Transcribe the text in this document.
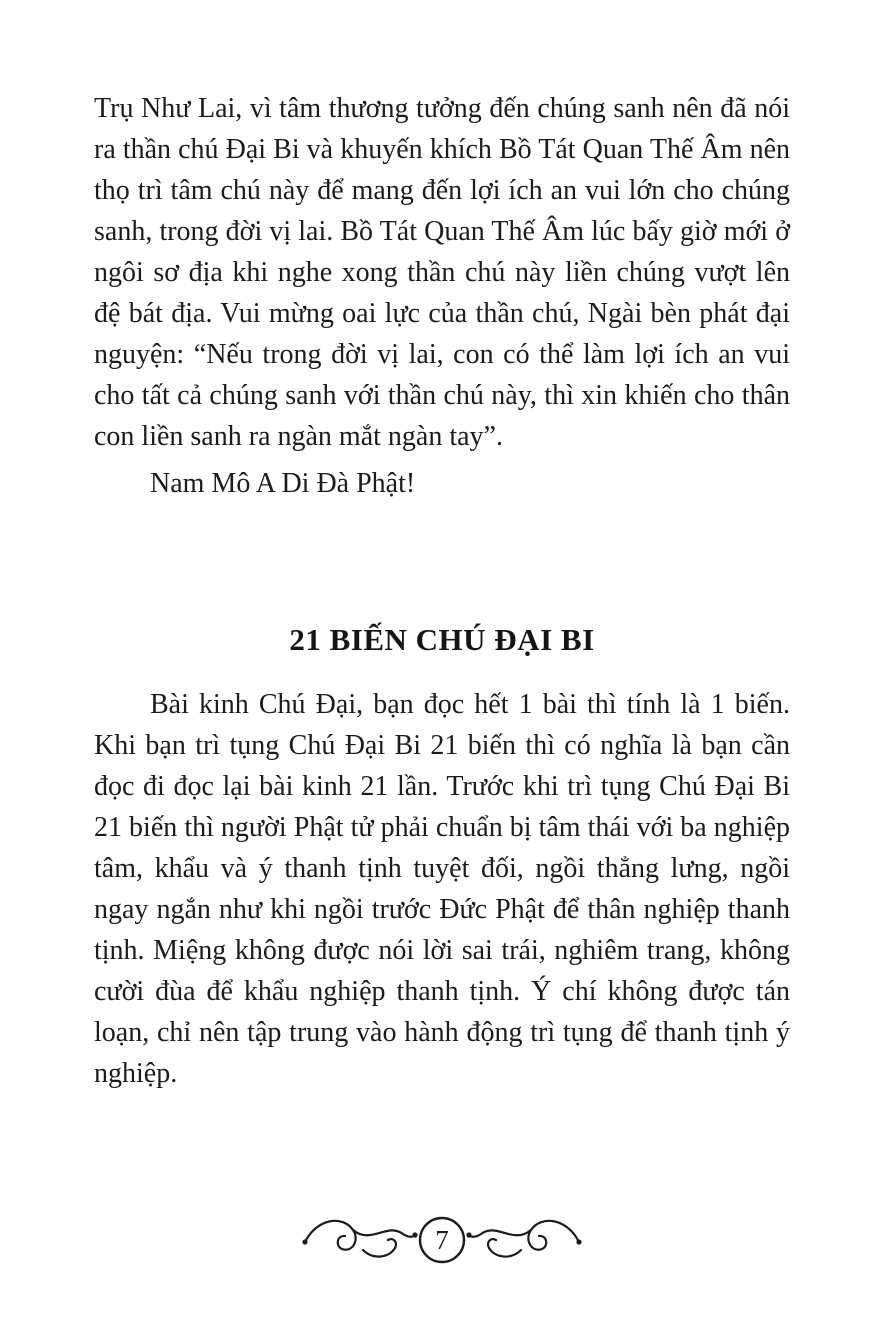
Trụ Như Lai, vì tâm thương tưởng đến chúng sanh nên đã nói ra thần chú Đại Bi và khuyến khích Bồ Tát Quan Thế Âm nên thọ trì tâm chú này để mang đến lợi ích an vui lớn cho chúng sanh, trong đời vị lai. Bồ Tát Quan Thế Âm lúc bấy giờ mới ở ngôi sơ địa khi nghe xong thần chú này liền chúng vượt lên đệ bát địa. Vui mừng oai lực của thần chú, Ngài bèn phát đại nguyện: “Nếu trong đời vị lai, con có thể làm lợi ích an vui cho tất cả chúng sanh với thần chú này, thì xin khiến cho thân con liền sanh ra ngàn mắt ngàn tay”.

Nam Mô A Di Đà Phật!

21 BIẾN CHÚ ĐẠI BI

Bài kinh Chú Đại, bạn đọc hết 1 bài thì tính là 1 biến. Khi bạn trì tụng Chú Đại Bi 21 biến thì có nghĩa là bạn cần đọc đi đọc lại bài kinh 21 lần. Trước khi trì tụng Chú Đại Bi 21 biến thì người Phật tử phải chuẩn bị tâm thái với ba nghiệp tâm, khẩu và ý thanh tịnh tuyệt đối, ngồi thẳng lưng, ngồi ngay ngắn như khi ngồi trước Đức Phật để thân nghiệp thanh tịnh. Miệng không được nói lời sai trái, nghiêm trang, không cười đùa để khẩu nghiệp thanh tịnh. Ý chí không được tán loạn, chỉ nên tập trung vào hành động trì tụng để thanh tịnh ý nghiệp.

7
